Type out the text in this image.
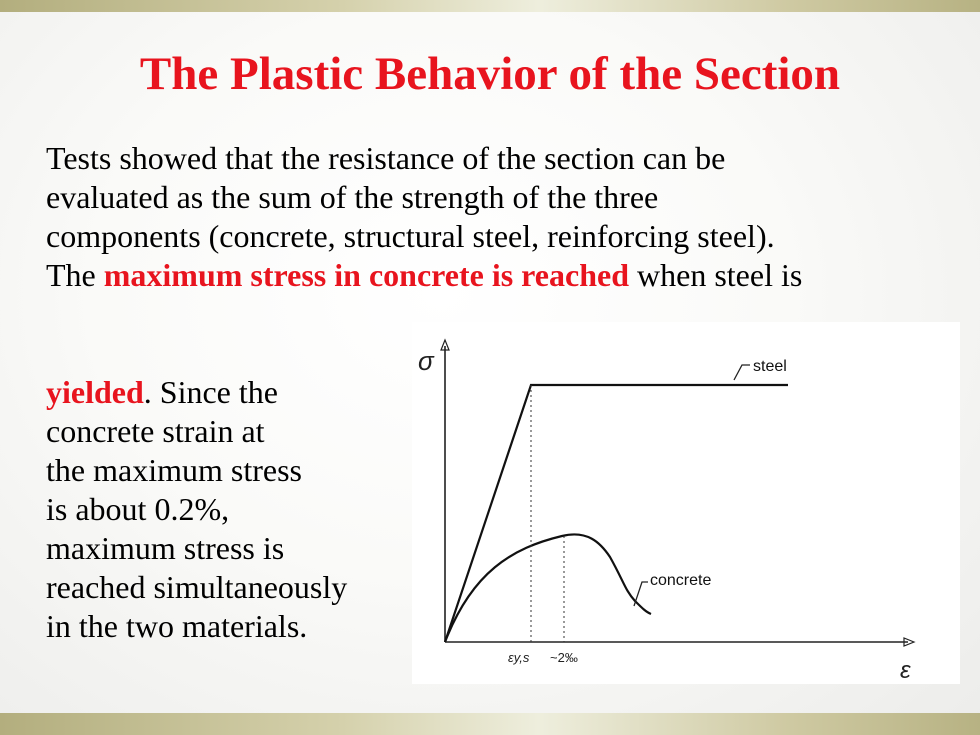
The Plastic Behavior of the Section
Tests showed that the resistance of the section can be
evaluated as the sum of the strength of the three
components (concrete, structural steel, reinforcing steel).
The maximum stress in concrete is reached when steel is
yielded. Since the
concrete strain at
the maximum stress
is about 0.2%,
maximum stress is
reached simultaneously
in the two materials.
σ
ε
steel
concrete
εy,s ~2‰
